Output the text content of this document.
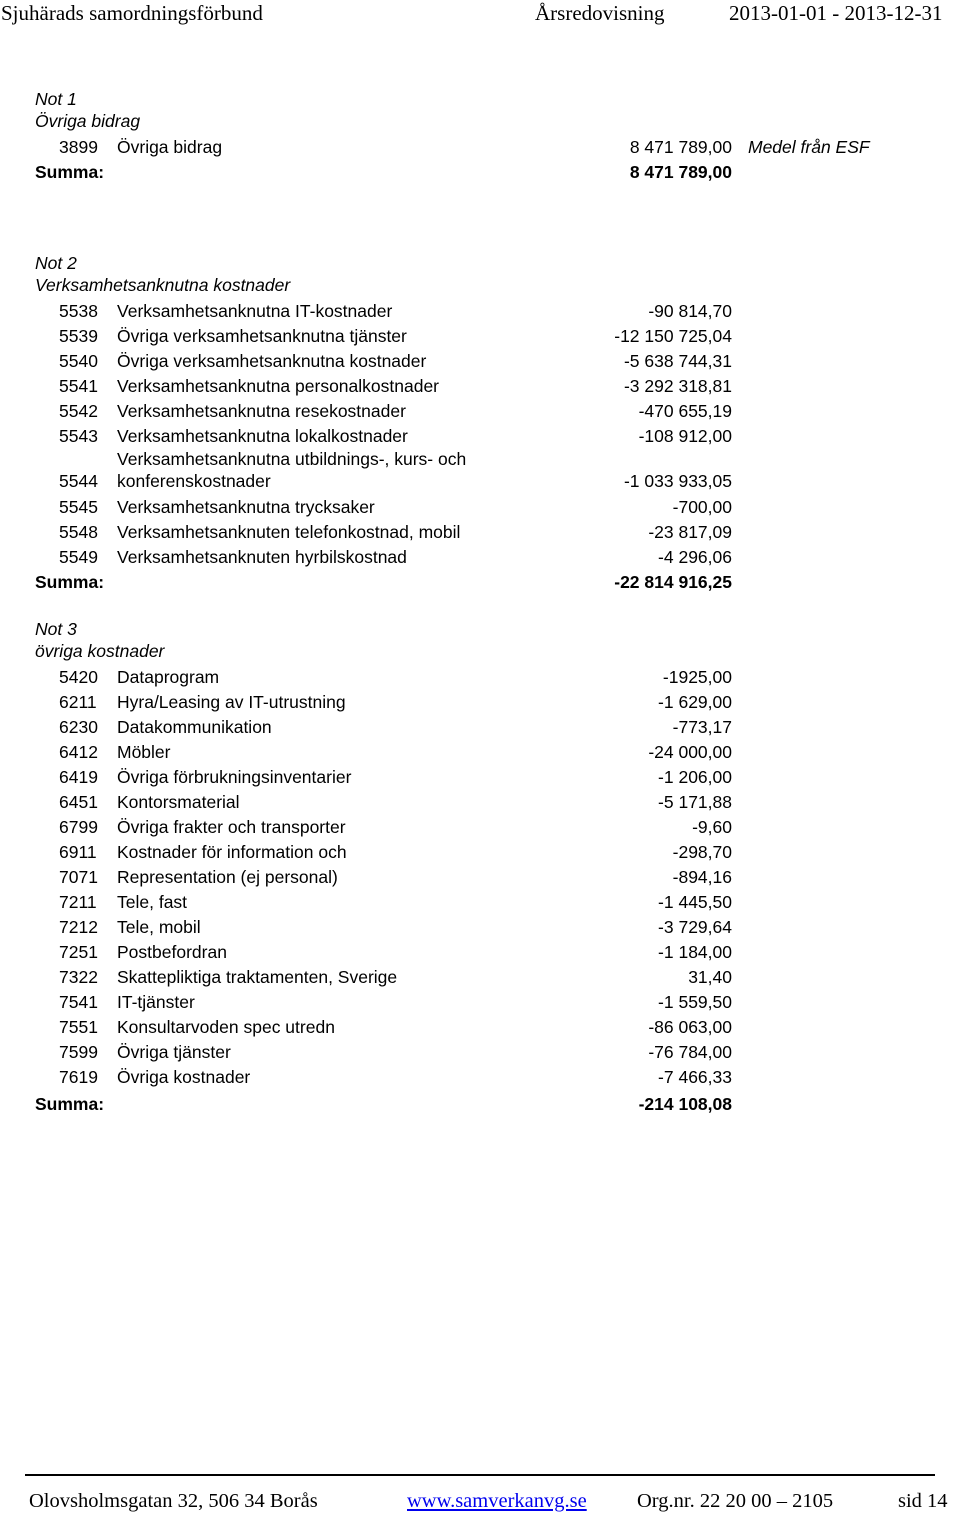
Sjuhärads samordningsförbund	Årsredovisning	2013-01-01 - 2013-12-31
Not 1
Övriga bidrag
3899	Övriga bidrag	8 471 789,00 Medel från ESF
Summa:	8 471 789,00
Not 2
Verksamhetsanknutna kostnader
5538	Verksamhetsanknutna IT-kostnader	-90 814,70
5539	Övriga verksamhetsanknutna tjänster	-12 150 725,04
5540	Övriga verksamhetsanknutna kostnader	-5 638 744,31
5541	Verksamhetsanknutna personalkostnader	-3 292 318,81
5542	Verksamhetsanknutna resekostnader	-470 655,19
5543	Verksamhetsanknutna lokalkostnader	-108 912,00
Verksamhetsanknutna utbildnings-, kurs- och
5544	konferenskostnader	-1 033 933,05
5545	Verksamhetsanknutna trycksaker	-700,00
5548	Verksamhetsanknuten telefonkostnad, mobil	-23 817,09
5549	Verksamhetsanknuten hyrbilskostnad	-4 296,06
Summa:	-22 814 916,25
Not 3
övriga kostnader
5420	Dataprogram	-1925,00
6211	Hyra/Leasing av IT-utrustning	-1 629,00
6230	Datakommunikation	-773,17
6412	Möbler	-24 000,00
6419	Övriga förbrukningsinventarier	-1 206,00
6451	Kontorsmaterial	-5 171,88
6799	Övriga frakter och transporter	-9,60
6911	Kostnader för information och	-298,70
7071	Representation (ej personal)	-894,16
7211	Tele, fast	-1 445,50
7212	Tele, mobil	-3 729,64
7251	Postbefordran	-1 184,00
7322	Skattepliktiga traktamenten, Sverige	31,40
7541	IT-tjänster	-1 559,50
7551	Konsultarvoden spec utredn	-86 063,00
7599	Övriga tjänster	-76 784,00
7619	Övriga kostnader	-7 466,33
Summa:	-214 108,08
Olovsholmsgatan 32, 506 34 Borås	www.samverkanvg.se Org.nr. 22 20 00 – 2105	sid 14
